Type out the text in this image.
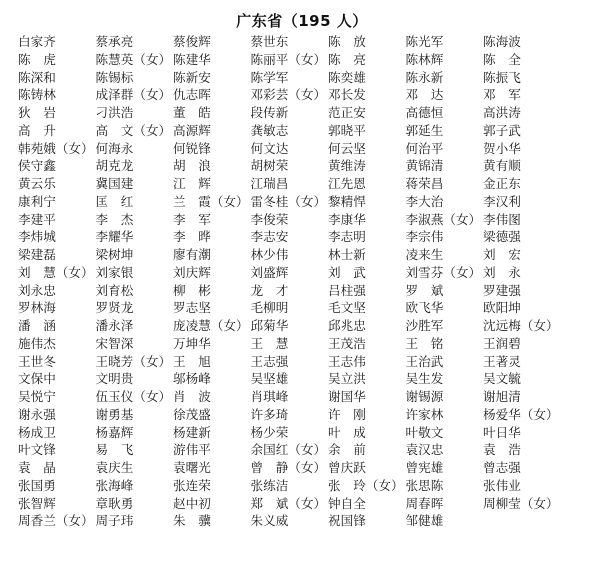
广东省（195 人）
白家齐	蔡承亮	蔡俊辉	蔡世东	陈　放	陈光军	陈海波
陈　虎	陈慧英（女） 陈建华	陈丽平（女） 陈　亮	陈林辉	陈　全
陈深和	陈锡标	陈新安	陈学军	陈奕雄	陈永新	陈振飞
陈铸林	成泽群（女） 仇志晖	邓彩芸（女） 邓长发	邓　达	邓　军
狄　岩	刁洪浩	董　皓	段传新	范正安	高德恒	高洪涛
高　升	高　文（女） 高源辉	龚敏志	郭晓平	郭延生	郭子武
韩苑娥（女） 何海永	何锐锋	何文达	何云坚	何治平	贺小华
侯守鑫	胡克龙	胡　浪	胡树荣	黄维涛	黄锦清	黄有顺
黄云乐	冀国建	江　辉	江瑞昌	江先恩	蒋荣昌	金正东
康利宁	匡　红	兰　霞（女） 雷冬桂（女） 黎精悍	李大治	李汉利
李建平	李　杰	李　军	李俊荣	李康华	李淑燕（女） 李伟图
李炜城	李耀华	李　晔	李志安	李志明	李宗伟	梁德强
梁建磊	梁树坤	廖有潮	林少伟	林士新	凌来生	刘　宏
刘　慧（女） 刘家银	刘庆辉	刘盛辉	刘　武	刘雪芬（女） 刘　永
刘永忠	刘育松	柳　彬	龙　才	吕柱强	罗　斌	罗建强
罗林海	罗贤龙	罗志坚	毛柳明	毛文坚	欧飞华	欧阳坤
潘　涵	潘永泽	庞凌慧（女） 邱菊华	邱兆忠	沙胜军	沈远梅（女）
施伟杰	宋智深	万坤华	王　慧	王茂浩	王　铭	王润碧
王世冬	王晓芳（女） 王　旭	王志强	王志伟	王治武	王著灵
文保中	文明贵	邬杨峰	吴坚雄	吴立洪	吴生发	吴文毓
吴悦宁	伍玉仪（女） 肖　波	肖琪峰	谢国华	谢锡源	谢旭清
谢永强	谢勇基	徐茂盛	许多琦	许　刚	许家林	杨爱华（女）
杨成卫	杨嘉辉	杨建新	杨少荣	叶　成	叶敬文	叶日华
叶文锋	易　飞	游伟平	余国红（女） 余　前	袁汉忠	袁　浩
袁　晶	袁庆生	袁曙光	曾　静（女） 曾庆跃	曾宪雄	曾志强
张国勇	张海峰	张连荣	张练洁	张　玲（女） 张思陈	张伟业
张智辉	章耿勇	赵中初	郑　斌（女） 钟自全	周春晖	周柳莹（女）
周香兰（女） 周子玮	朱　骥	朱义威	祝国锋	邹健雄
